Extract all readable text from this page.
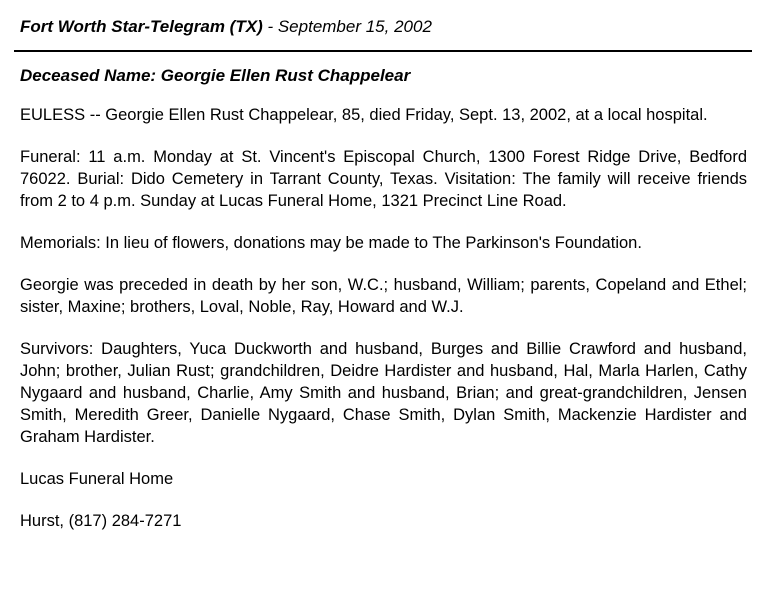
Fort Worth Star-Telegram (TX) - September 15, 2002
Deceased Name: Georgie Ellen Rust Chappelear

EULESS -- Georgie Ellen Rust Chappelear, 85, died Friday, Sept. 13, 2002, at a local hospital.

Funeral: 11 a.m. Monday at St. Vincent's Episcopal Church, 1300 Forest Ridge Drive, Bedford 76022. Burial: Dido Cemetery in Tarrant County, Texas. Visitation: The family will receive friends from 2 to 4 p.m. Sunday at Lucas Funeral Home, 1321 Precinct Line Road.

Memorials: In lieu of flowers, donations may be made to The Parkinson's Foundation.

Georgie was preceded in death by her son, W.C.; husband, William; parents, Copeland and Ethel; sister, Maxine; brothers, Loval, Noble, Ray, Howard and W.J.

Survivors: Daughters, Yuca Duckworth and husband, Burges and Billie Crawford and husband, John; brother, Julian Rust; grandchildren, Deidre Hardister and husband, Hal, Marla Harlen, Cathy Nygaard and husband, Charlie, Amy Smith and husband, Brian; and great-grandchildren, Jensen Smith, Meredith Greer, Danielle Nygaard, Chase Smith, Dylan Smith, Mackenzie Hardister and Graham Hardister.

Lucas Funeral Home

Hurst, (817) 284-7271
